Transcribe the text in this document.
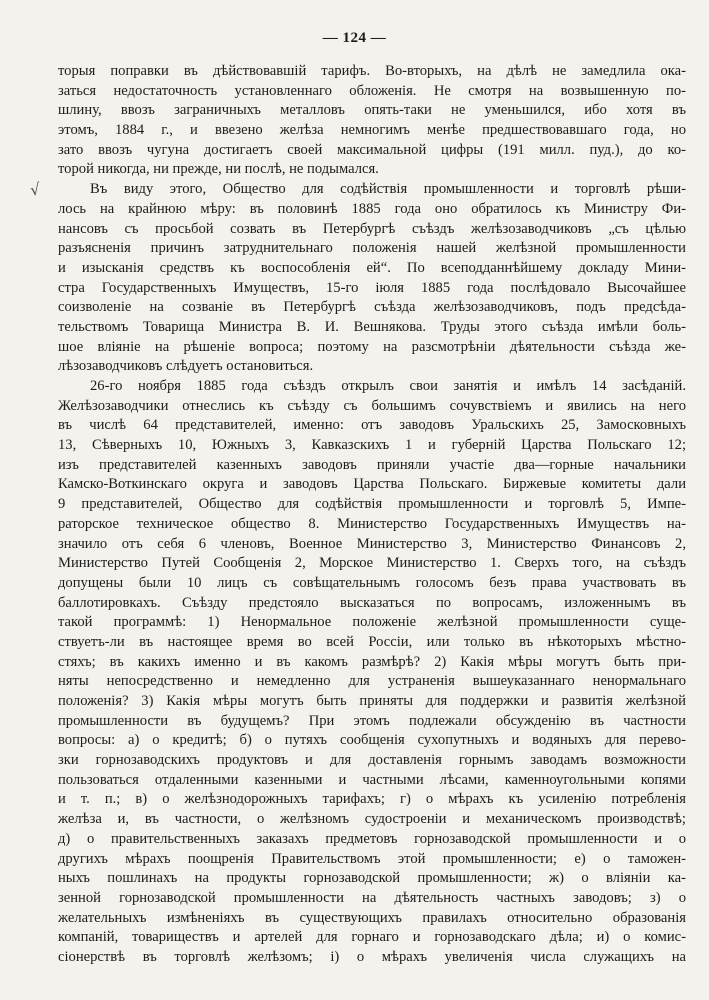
— 124 —
√
торыя поправки въ дѣйствовавшій тарифъ. Во-вторыхъ, на дѣлѣ не замедлила ока-
заться недостаточность установленнаго обложенія. Не смотря на возвышенную по-
шлину, ввозъ заграничныхъ металловъ опять-таки не уменьшился, ибо хотя въ
этомъ, 1884 г., и ввезено желѣза немногимъ менѣе предшествовавшаго года, но
зато ввозъ чугуна достигаетъ своей максимальной цифры (191 милл. пуд.), до ко-
торой никогда, ни прежде, ни послѣ, не подымался.
Въ виду этого, Общество для содѣйствія промышленности и торговлѣ рѣши-
лось на крайнюю мѣру: въ половинѣ 1885 года оно обратилось къ Министру Фи-
нансовъ съ просьбой созвать въ Петербургѣ съѣздъ желѣзозаводчиковъ „съ цѣлью
разъясненія причинъ затруднительнаго положенія нашей желѣзной промышленности
и изысканія средствъ къ воспособленія ей“. По всеподданнѣйшему докладу Мини-
стра Государственныхъ Имуществъ, 15-го іюля 1885 года послѣдовало Высочайшее
соизволеніе на созваніе въ Петербургѣ съѣзда желѣзозаводчиковъ, подъ предсѣда-
тельствомъ Товарища Министра В. И. Вешнякова. Труды этого съѣзда имѣли боль-
шое вліяніе на рѣшеніе вопроса; поэтому на разсмотрѣніи дѣятельности съѣзда же-
лѣзозаводчиковъ слѣдуетъ остановиться.
26-го ноября 1885 года съѣздъ открылъ свои занятія и имѣлъ 14 засѣданій.
Желѣзозаводчики отнеслись къ съѣзду съ большимъ сочувствіемъ и явились на него
въ числѣ 64 представителей, именно: отъ заводовъ Уральскихъ 25, Замосковныхъ
13, Сѣверныхъ 10, Южныхъ 3, Кавказскихъ 1 и губерній Царства Польскаго 12;
изъ представителей казенныхъ заводовъ приняли участіе два—горные начальники
Камско-Воткинскаго округа и заводовъ Царства Польскаго. Биржевые комитеты дали
9 представителей, Общество для содѣйствія промышленности и торговлѣ 5, Импе-
раторское техническое общество 8. Министерство Государственныхъ Имуществъ на-
значило отъ себя 6 членовъ, Военное Министерство 3, Министерство Финансовъ 2,
Министерство Путей Сообщенія 2, Морское Министерство 1. Сверхъ того, на съѣздъ
допущены были 10 лицъ съ совѣщательнымъ голосомъ безъ права участвовать въ
баллотировкахъ. Съѣзду предстояло высказаться по вопросамъ, изложеннымъ въ
такой программѣ: 1) Ненормальное положеніе желѣзной промышленности суще-
ствуетъ-ли въ настоящее время во всей Россіи, или только въ нѣкоторыхъ мѣстно-
стяхъ; въ какихъ именно и въ какомъ размѣрѣ? 2) Какія мѣры могутъ быть при-
няты непосредственно и немедленно для устраненія вышеуказаннаго ненормальнаго
положенія? 3) Какія мѣры могутъ быть приняты для поддержки и развитія желѣзной
промышленности въ будущемъ? При этомъ подлежали обсужденію въ частности
вопросы: а) о кредитѣ; б) о путяхъ сообщенія сухопутныхъ и водяныхъ для перево-
зки горнозаводскихъ продуктовъ и для доставленія горнымъ заводамъ возможности
пользоваться отдаленными казенными и частными лѣсами, каменноугольными копями
и т. п.; в) о желѣзнодорожныхъ тарифахъ; г) о мѣрахъ къ усиленію потребленія
желѣза и, въ частности, о желѣзномъ судостроеніи и механическомъ производствѣ;
д) о правительственныхъ заказахъ предметовъ горнозаводской промышленности и о
другихъ мѣрахъ поощренія Правительствомъ этой промышленности; е) о таможен-
ныхъ пошлинахъ на продукты горнозаводской промышленности; ж) о вліяніи ка-
зенной горнозаводской промышленности на дѣятельность частныхъ заводовъ; з) о
желательныхъ измѣненіяхъ въ существующихъ правилахъ относительно образованія
компаній, товариществъ и артелей для горнаго и горнозаводскаго дѣла; и) о комис-
сіонерствѣ въ торговлѣ желѣзомъ; і) о мѣрахъ увеличенія числа служащихъ на
